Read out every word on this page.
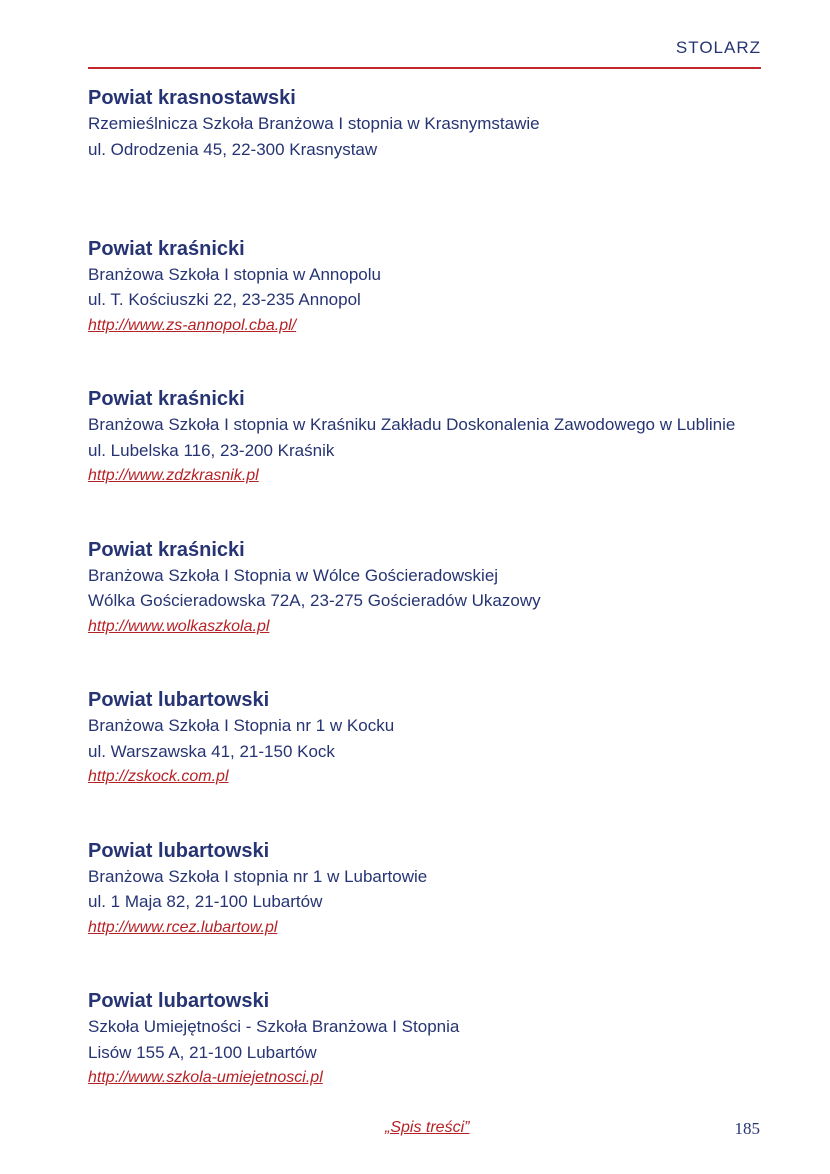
STOLARZ
Powiat krasnostawski
Rzemieślnicza Szkoła Branżowa I stopnia w Krasnymstawie
ul. Odrodzenia 45, 22-300 Krasnystaw
Powiat kraśnicki
Branżowa Szkoła I stopnia w Annopolu
ul. T. Kościuszki 22, 23-235 Annopol
http://www.zs-annopol.cba.pl/
Powiat kraśnicki
Branżowa Szkoła I stopnia w Kraśniku Zakładu Doskonalenia Zawodowego w Lublinie
ul. Lubelska 116, 23-200 Kraśnik
http://www.zdzkrasnik.pl
Powiat kraśnicki
Branżowa Szkoła I Stopnia w Wólce Gościeradowskiej
Wólka Gościeradowska 72A, 23-275 Gościeradów Ukazowy
http://www.wolkaszkola.pl
Powiat lubartowski
Branżowa Szkoła I Stopnia nr 1 w Kocku
ul. Warszawska 41, 21-150 Kock
http://zskock.com.pl
Powiat lubartowski
Branżowa Szkoła I stopnia nr 1 w Lubartowie
ul. 1 Maja 82, 21-100 Lubartów
http://www.rcez.lubartow.pl
Powiat lubartowski
Szkoła Umiejętności - Szkoła Branżowa I Stopnia
Lisów 155 A, 21-100 Lubartów
http://www.szkola-umiejetnosci.pl
„Spis treści”	185
